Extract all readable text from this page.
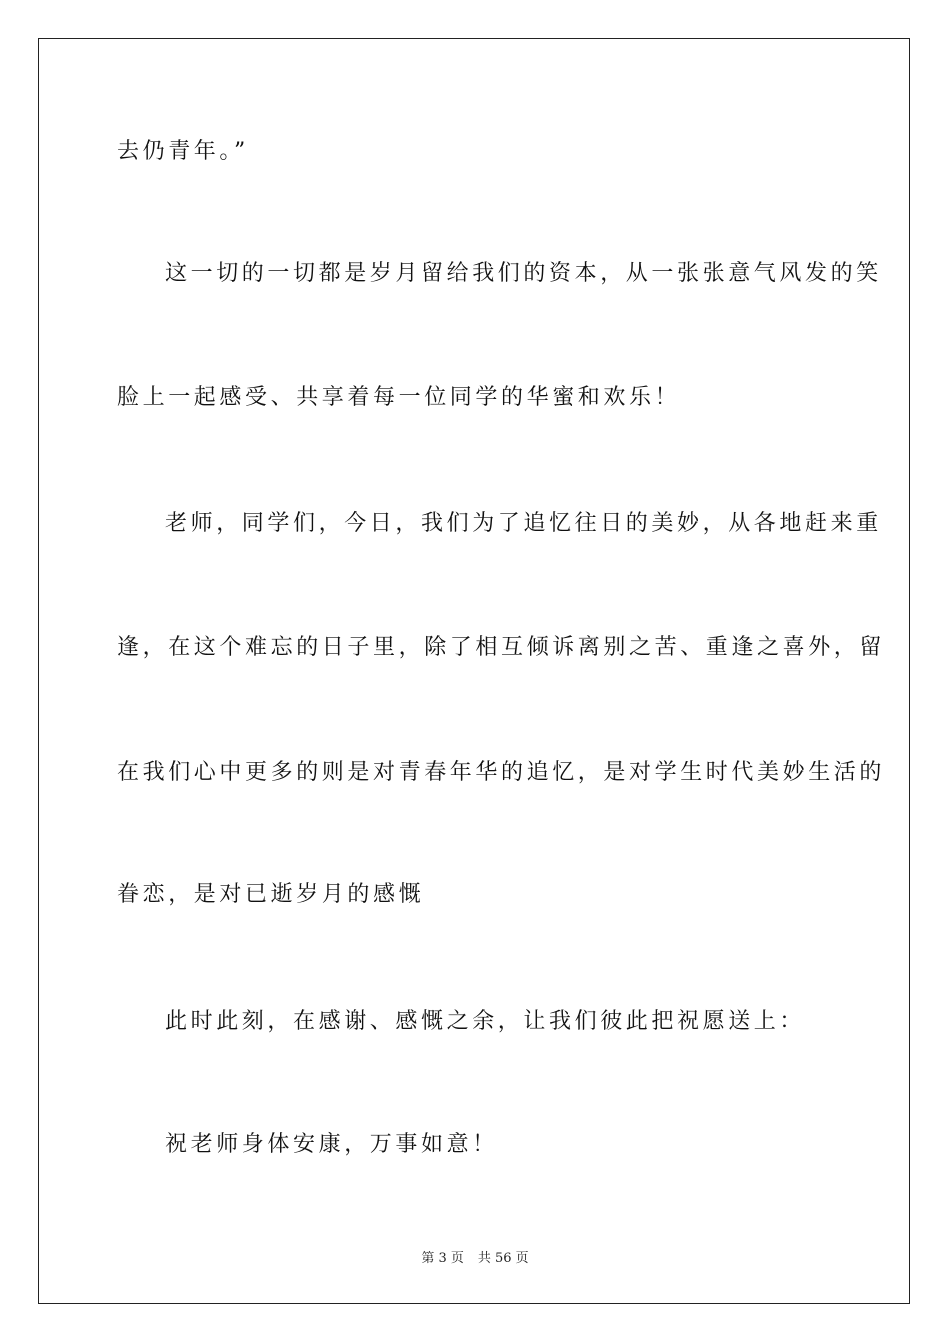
去仍青年。”
这一切的一切都是岁月留给我们的资本，从一张张意气风发的笑
脸上一起感受、共享着每一位同学的华蜜和欢乐！
老师，同学们，今日，我们为了追忆往日的美妙，从各地赶来重
逢，在这个难忘的日子里，除了相互倾诉离别之苦、重逢之喜外，留
在我们心中更多的则是对青春年华的追忆，是对学生时代美妙生活的
眷恋，是对已逝岁月的感慨
此时此刻，在感谢、感慨之余，让我们彼此把祝愿送上：
祝老师身体安康，万事如意！
第 3 页 共 56 页
